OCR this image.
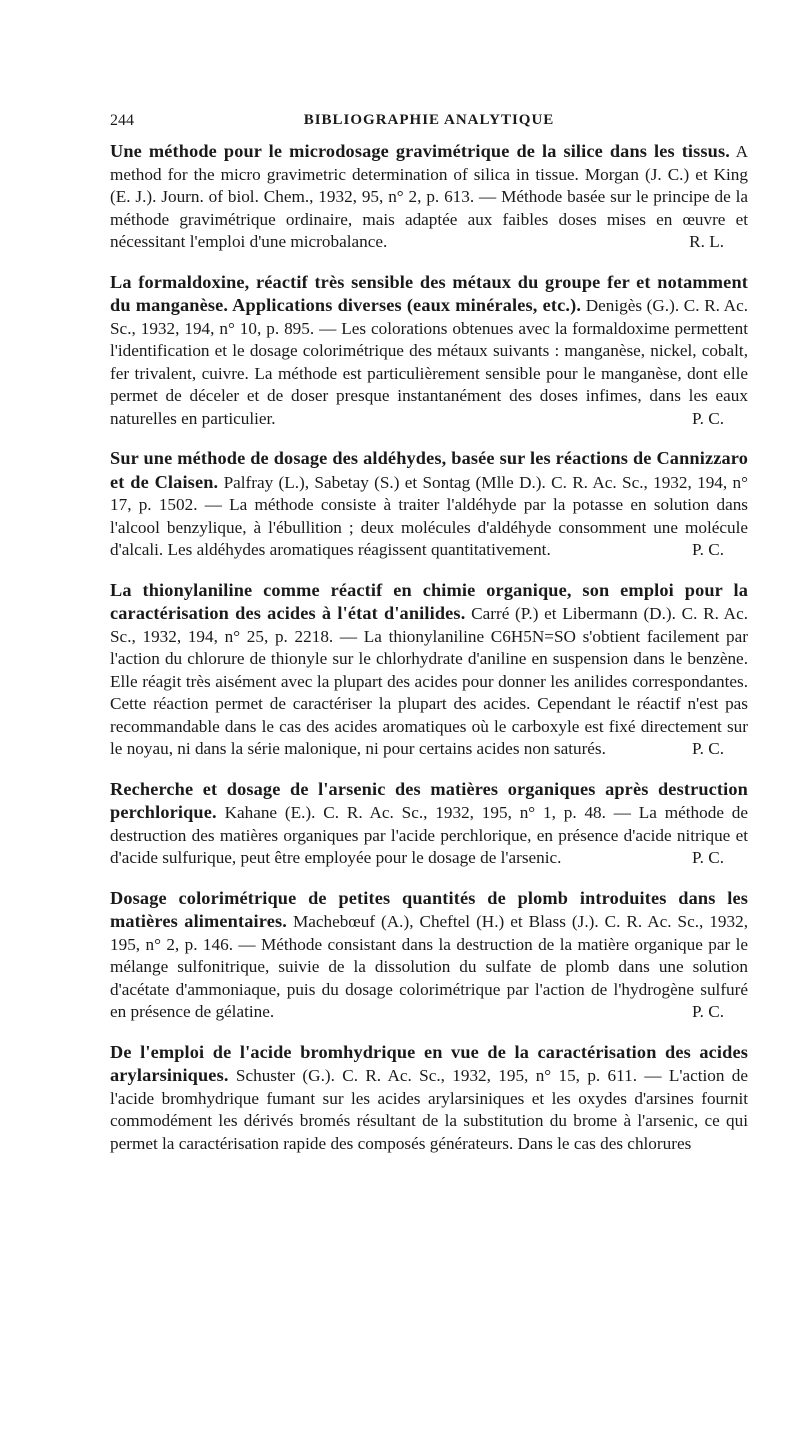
244	BIBLIOGRAPHIE ANALYTIQUE
Une méthode pour le microdosage gravimétrique de la silice dans les tissus. A method for the micro gravimetric determination of silica in tissue. Morgan (J. C.) et King (E. J.). Journ. of biol. Chem., 1932, 95, n° 2, p. 613. — Méthode basée sur le principe de la méthode gravimétrique ordinaire, mais adaptée aux faibles doses mises en œuvre et nécessitant l'emploi d'une microbalance.	R. L.
La formaldoxine, réactif très sensible des métaux du groupe fer et notamment du manganèse. Applications diverses (eaux minérales, etc.). Denigès (G.). C. R. Ac. Sc., 1932, 194, n° 10, p. 895. — Les colorations obtenues avec la formaldoxime permettent l'identification et le dosage colorimétrique des métaux suivants : manganèse, nickel, cobalt, fer trivalent, cuivre. La méthode est particulièrement sensible pour le manganèse, dont elle permet de déceler et de doser presque instantanément des doses infimes, dans les eaux naturelles en particulier.	P. C.
Sur une méthode de dosage des aldéhydes, basée sur les réactions de Cannizzaro et de Claisen. Palfray (L.), Sabetay (S.) et Sontag (Mlle D.). C. R. Ac. Sc., 1932, 194, n° 17, p. 1502. — La méthode consiste à traiter l'aldéhyde par la potasse en solution dans l'alcool benzylique, à l'ébullition ; deux molécules d'aldéhyde consomment une molécule d'alcali. Les aldéhydes aromatiques réagissent quantitativement.	P. C.
La thionylaniline comme réactif en chimie organique, son emploi pour la caractérisation des acides à l'état d'anilides. Carré (P.) et Libermann (D.). C. R. Ac. Sc., 1932, 194, n° 25, p. 2218. — La thionylaniline C6H5N=SO s'obtient facilement par l'action du chlorure de thionyle sur le chlorhydrate d'aniline en suspension dans le benzène. Elle réagit très aisément avec la plupart des acides pour donner les anilides correspondantes. Cette réaction permet de caractériser la plupart des acides. Cependant le réactif n'est pas recommandable dans le cas des acides aromatiques où le carboxyle est fixé directement sur le noyau, ni dans la série malonique, ni pour certains acides non saturés.	P. C.
Recherche et dosage de l'arsenic des matières organiques après destruction perchlorique. Kahane (E.). C. R. Ac. Sc., 1932, 195, n° 1, p. 48. — La méthode de destruction des matières organiques par l'acide perchlorique, en présence d'acide nitrique et d'acide sulfurique, peut être employée pour le dosage de l'arsenic.	P. C.
Dosage colorimétrique de petites quantités de plomb introduites dans les matières alimentaires. Machebœuf (A.), Cheftel (H.) et Blass (J.). C. R. Ac. Sc., 1932, 195, n° 2, p. 146. — Méthode consistant dans la destruction de la matière organique par le mélange sulfonitrique, suivie de la dissolution du sulfate de plomb dans une solution d'acétate d'ammoniaque, puis du dosage colorimétrique par l'action de l'hydrogène sulfuré en présence de gélatine.	P. C.
De l'emploi de l'acide bromhydrique en vue de la caractérisation des acides arylarsiniques. Schuster (G.). C. R. Ac. Sc., 1932, 195, n° 15, p. 611. — L'action de l'acide bromhydrique fumant sur les acides arylarsiniques et les oxydes d'arsines fournit commodément les dérivés bromés résultant de la substitution du brome à l'arsenic, ce qui permet la caractérisation rapide des composés générateurs. Dans le cas des chlorures
